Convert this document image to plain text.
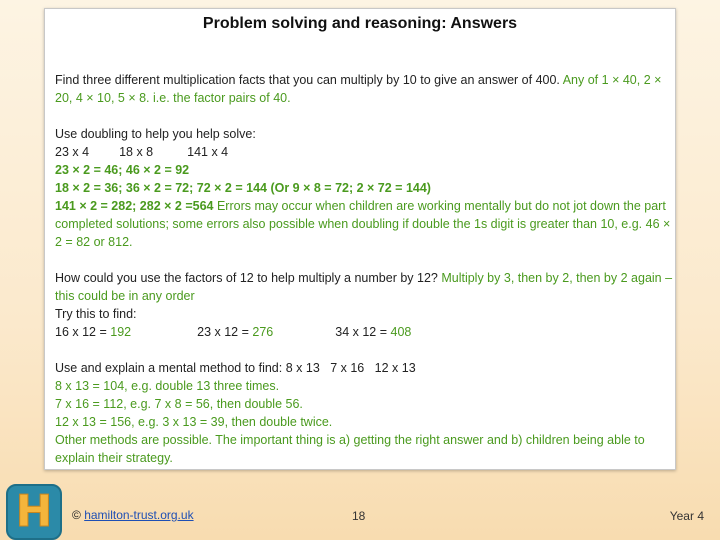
Problem solving and reasoning: Answers
Find three different multiplication facts that you can multiply by 10 to give an answer of 400. Any of 1 × 40, 2 × 20, 4 × 10, 5 × 8. i.e. the factor pairs of 40.
Use doubling to help you help solve:
23 x 4 18 x 8	141 x 4
23 × 2 = 46; 46 × 2 = 92
18 × 2 = 36; 36 × 2 = 72; 72 × 2 = 144 (Or 9 × 8 = 72; 2 × 72 = 144)
141 × 2 = 282; 282 × 2 =564 Errors may occur when children are working mentally but do not jot down the part completed solutions; some errors also possible when doubling if double the 1s digit is greater than 10, e.g. 46 × 2 = 82 or 812.
How could you use the factors of 12 to help multiply a number by 12? Multiply by 3, then by 2, then by 2 again – this could be in any order
Try this to find:
16 x 12 = 192	23 x 12 = 276	34 x 12 = 408
Use and explain a mental method to find: 8 x 13   7 x 16   12 x 13
8 x 13 = 104, e.g. double 13 three times.
7 x 16 = 112, e.g. 7 x 8 = 56, then double 56.
12 x 13 = 156, e.g. 3 x 13 = 39, then double twice.
Other methods are possible. The important thing is a) getting the right answer and b) children being able to explain their strategy.
H © hamilton-trust.org.uk	18	Year 4
